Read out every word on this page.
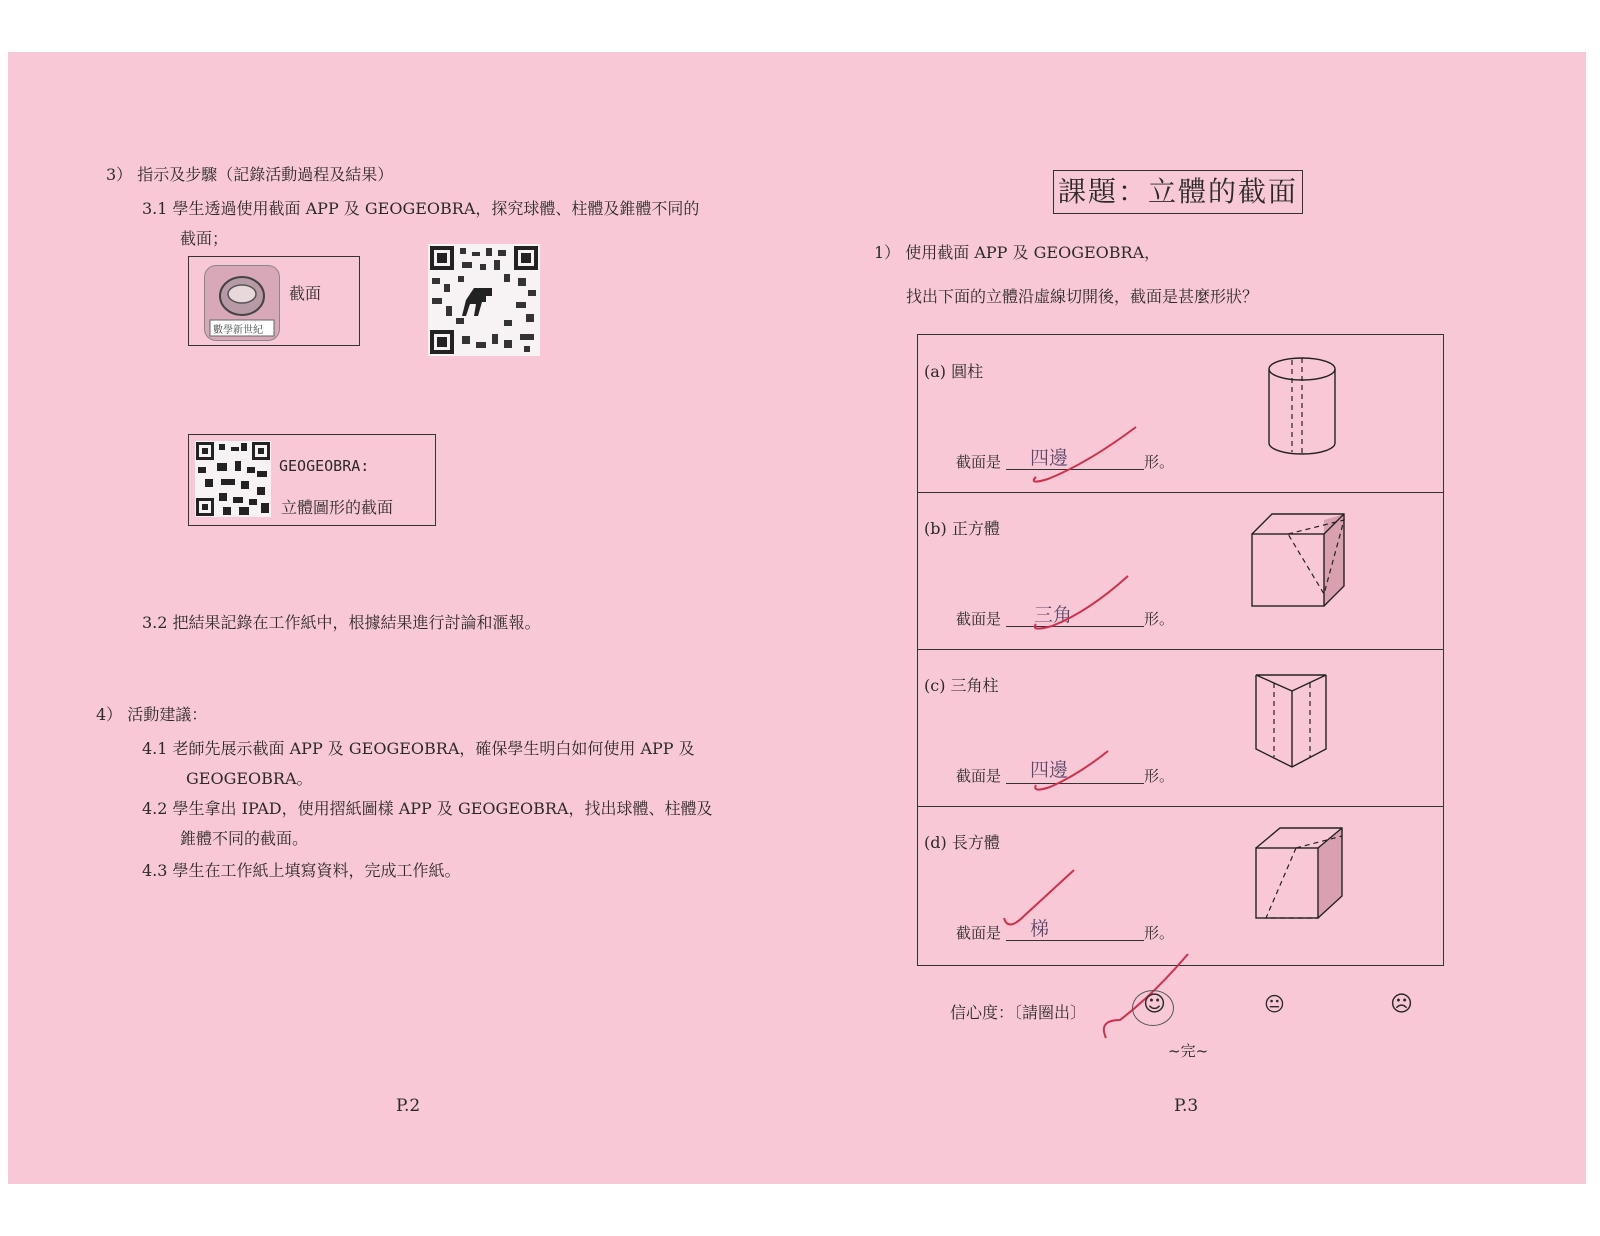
3） 指示及步驟（記錄活動過程及結果）
3.1 學生透過使用截面 APP 及 GEOGEOBRA，探究球體、柱體及錐體不同的
截面；
數學新世紀
截面
GEOGEOBRA:
立體圖形的截面
3.2 把結果記錄在工作紙中，根據結果進行討論和滙報。
4） 活動建議：
4.1 老師先展示截面 APP 及 GEOGEOBRA，確保學生明白如何使用 APP 及
GEOGEOBRA。
4.2 學生拿出 IPAD，使用摺紙圖樣 APP 及 GEOGEOBRA，找出球體、柱體及
錐體不同的截面。
4.3 學生在工作紙上填寫資料，完成工作紙。
P.2
課題：立體的截面
1） 使用截面 APP 及 GEOGEOBRA，
找出下面的立體沿虛線切開後，截面是甚麼形狀？
(a) 圓柱
截面是 四邊	形。
(b) 正方體
截面是 三角	形。
(c) 三角柱
截面是 四邊	形。
(d) 長方體
截面是 梯	形。
信心度：〔請圈出〕	☺	😐	☹
~完~
P.3
